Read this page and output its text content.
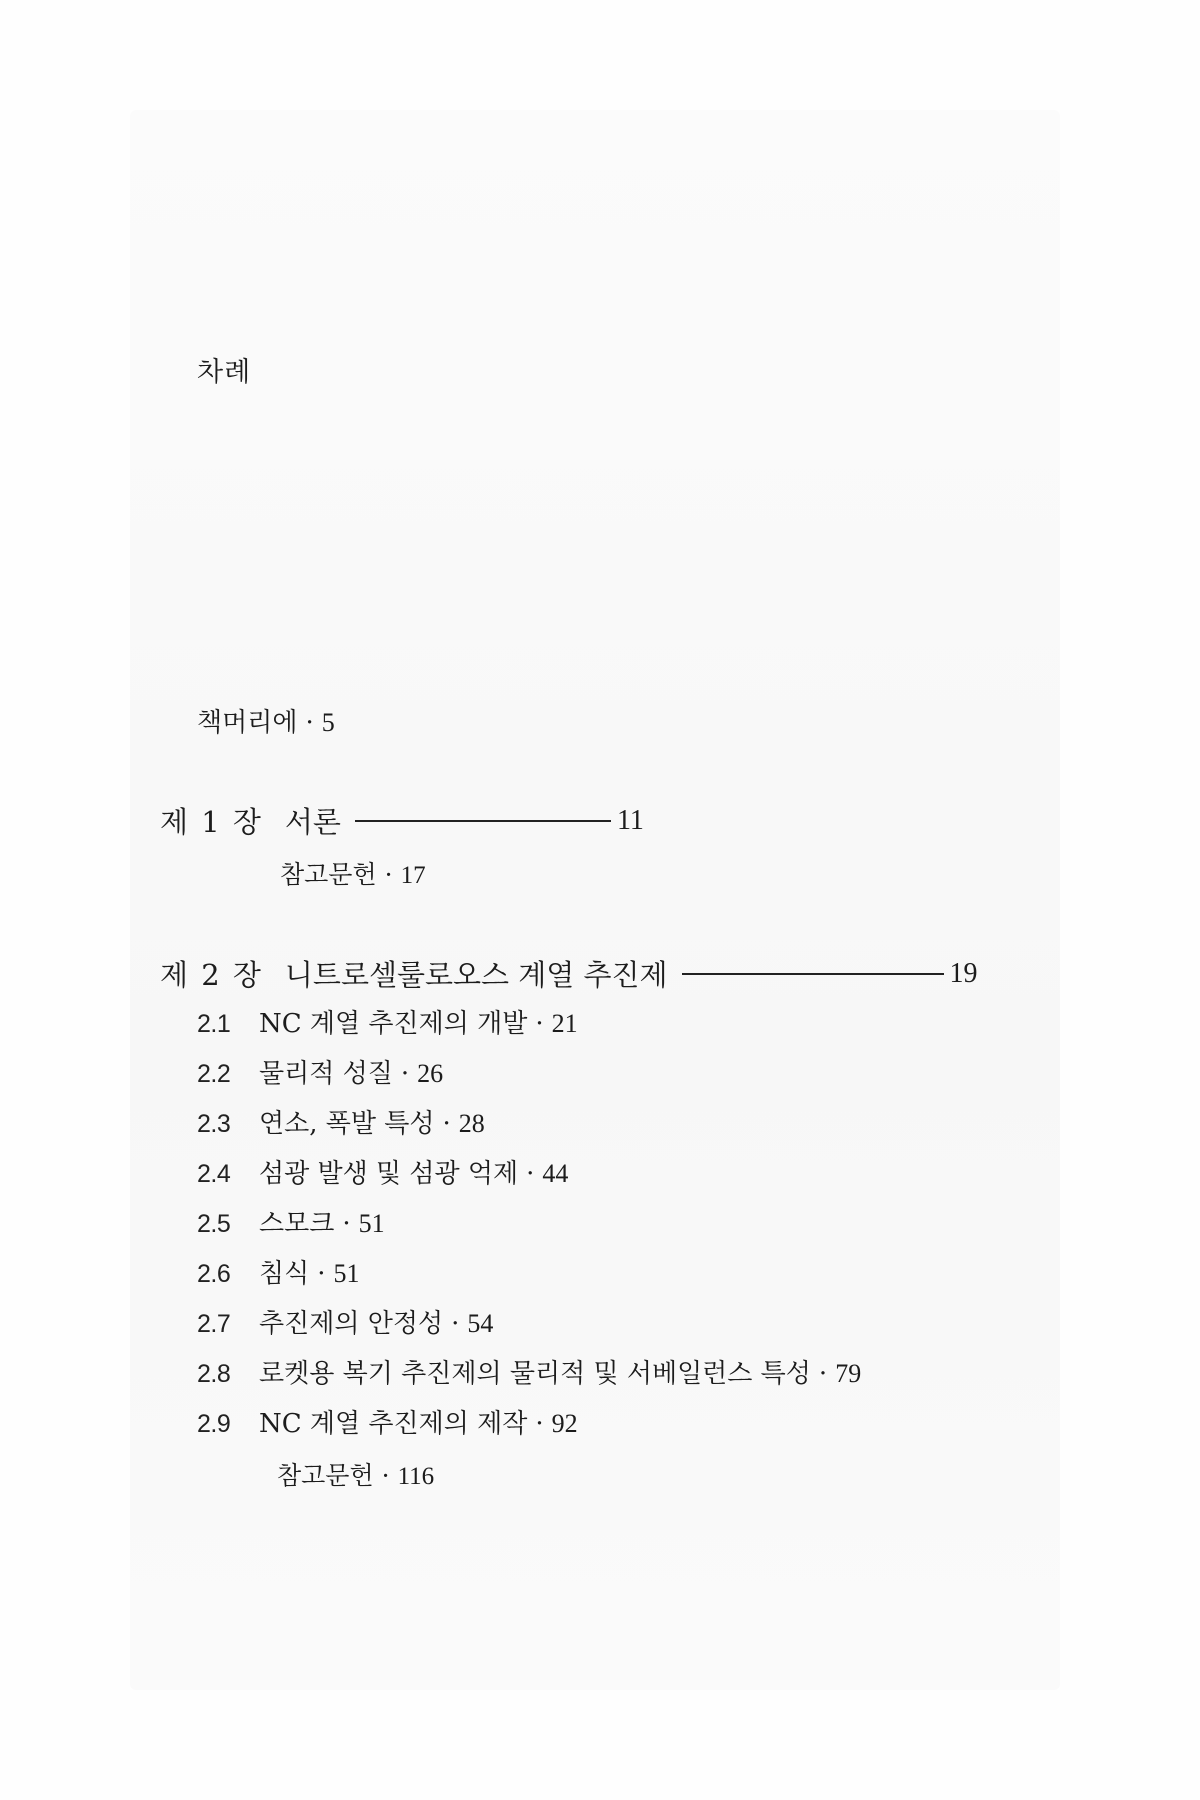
차례
책머리에 · 5
제 1 장 서론	11
참고문헌 · 17
제 2 장 니트로셀룰로오스 계열 추진제	19
2.1	NC 계열 추진제의 개발 · 21
2.2	물리적 성질 · 26
2.3	연소, 폭발 특성 · 28
2.4	섬광 발생 및 섬광 억제 · 44
2.5	스모크 · 51
2.6	침식 · 51
2.7	추진제의 안정성 · 54
2.8	로켓용 복기 추진제의 물리적 및 서베일런스 특성 · 79
2.9	NC 계열 추진제의 제작 · 92
참고문헌 · 116
